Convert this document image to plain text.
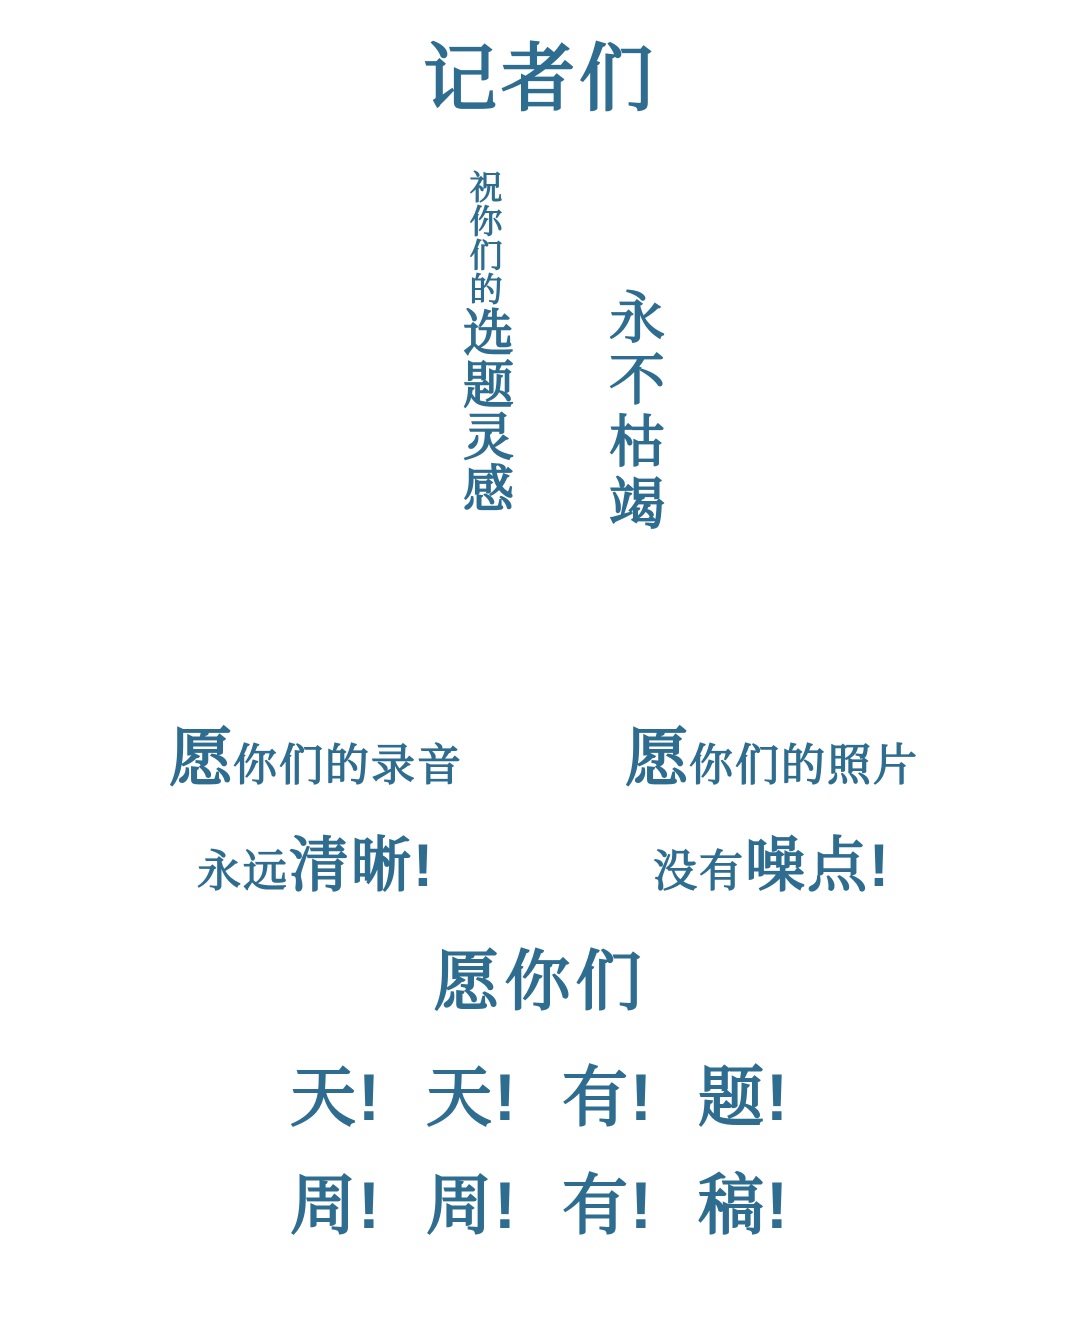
记者们
祝你们的选题灵感 永不枯竭
愿你们的录音
永远清晰!
愿你们的照片
没有噪点!
愿你们
天! 天! 有! 题!
周! 周! 有! 稿!
